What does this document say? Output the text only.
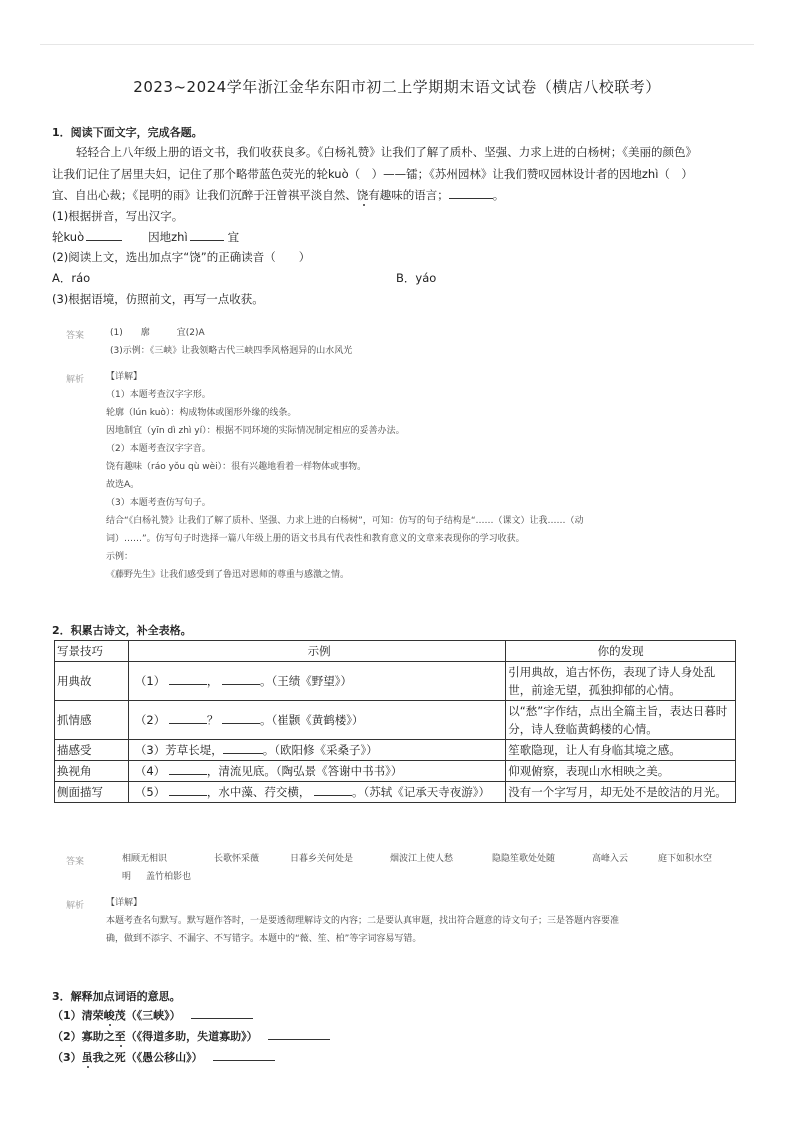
2023~2024学年浙江金华东阳市初二上学期期末语文试卷（横店八校联考）
1．阅读下面文字，完成各题。
轻轻合上八年级上册的语文书，我们收获良多。《白杨礼赞》让我们了解了质朴、坚强、力求上进的白杨树；《美丽的颜色》
让我们记住了居里夫妇，记住了那个略带蓝色荧光的轮kuò（　）——镭；《苏州园林》让我们赞叹园林设计者的因地zhì（　）
宜、自出心裁；《昆明的雨》让我们沉醉于汪曾祺平淡自然、饶有趣味的语言；	。
(1)根据拼音，写出汉字。
轮kuò	因地zhì	宜
(2)阅读上文，选出加点字“饶”的正确读音（　　）
A．ráo	B．yáo
(3)根据语境，仿照前文，再写一点收获。
答案	(1)　　廓　　　宜(2)A
(3)示例：《三峡》让我领略古代三峡四季风格迥异的山水风光
解析 【详解】
（1）本题考查汉字字形。
轮廓（lún kuò）：构成物体或图形外缘的线条。
因地制宜（yīn dì zhì yí）：根据不同环境的实际情况制定相应的妥善办法。
（2）本题考查汉字字音。
饶有趣味（ráo yǒu qù wèi）：很有兴趣地看着一样物体或事物。
故选A。
（3）本题考查仿写句子。
结合“《白杨礼赞》让我们了解了质朴、坚强、力求上进的白杨树”，可知：仿写的句子结构是“……（课文）让我……（动
词）……”。仿写句子时选择一篇八年级上册的语文书具有代表性和教育意义的文章来表现你的学习收获。
示例：
《藤野先生》让我们感受到了鲁迅对恩师的尊重与感激之情。
2．积累古诗文，补全表格。
写景技巧	示例	你的发现
用典故	（1） ， 。（王绩《野望》）	引用典故，追古怀伤，表现了诗人身处乱世，前途无望，孤独抑郁的心情。
抓情感	（2） ？ 。（崔颢《黄鹤楼》）	以“愁”字作结，点出全篇主旨，表达日暮时分，诗人登临黄鹤楼的心情。
描感受	（3）芳草长堤， 。（欧阳修《采桑子》）	笙歌隐现，让人有身临其境之感。
换视角	（4） ，清流见底。（陶弘景《答谢中书书》）	仰观俯察，表现山水相映之美。
侧面描写	（5） ，水中藻、荇交横， 。（苏轼《记承天寺夜游》）	没有一个字写月，却无处不是皎洁的月光。
答案	相顾无相识	长歌怀采薇	日暮乡关何处是	烟波江上使人愁	隐隐笙歌处处随	高峰入云	庭下如积水空
明 盖竹柏影也
解析 【详解】
本题考查名句默写。默写题作答时，一是要透彻理解诗文的内容；二是要认真审题，找出符合题意的诗文句子；三是答题内容要准
确，做到不添字、不漏字、不写错字。本题中的“薇、笙、柏”等字词容易写错。
3．解释加点词语的意思。
（1）清荣峻茂（《三峡》）
（2）寡助之至（《得道多助，失道寡助》）
（3）虽我之死（《愚公移山》）
